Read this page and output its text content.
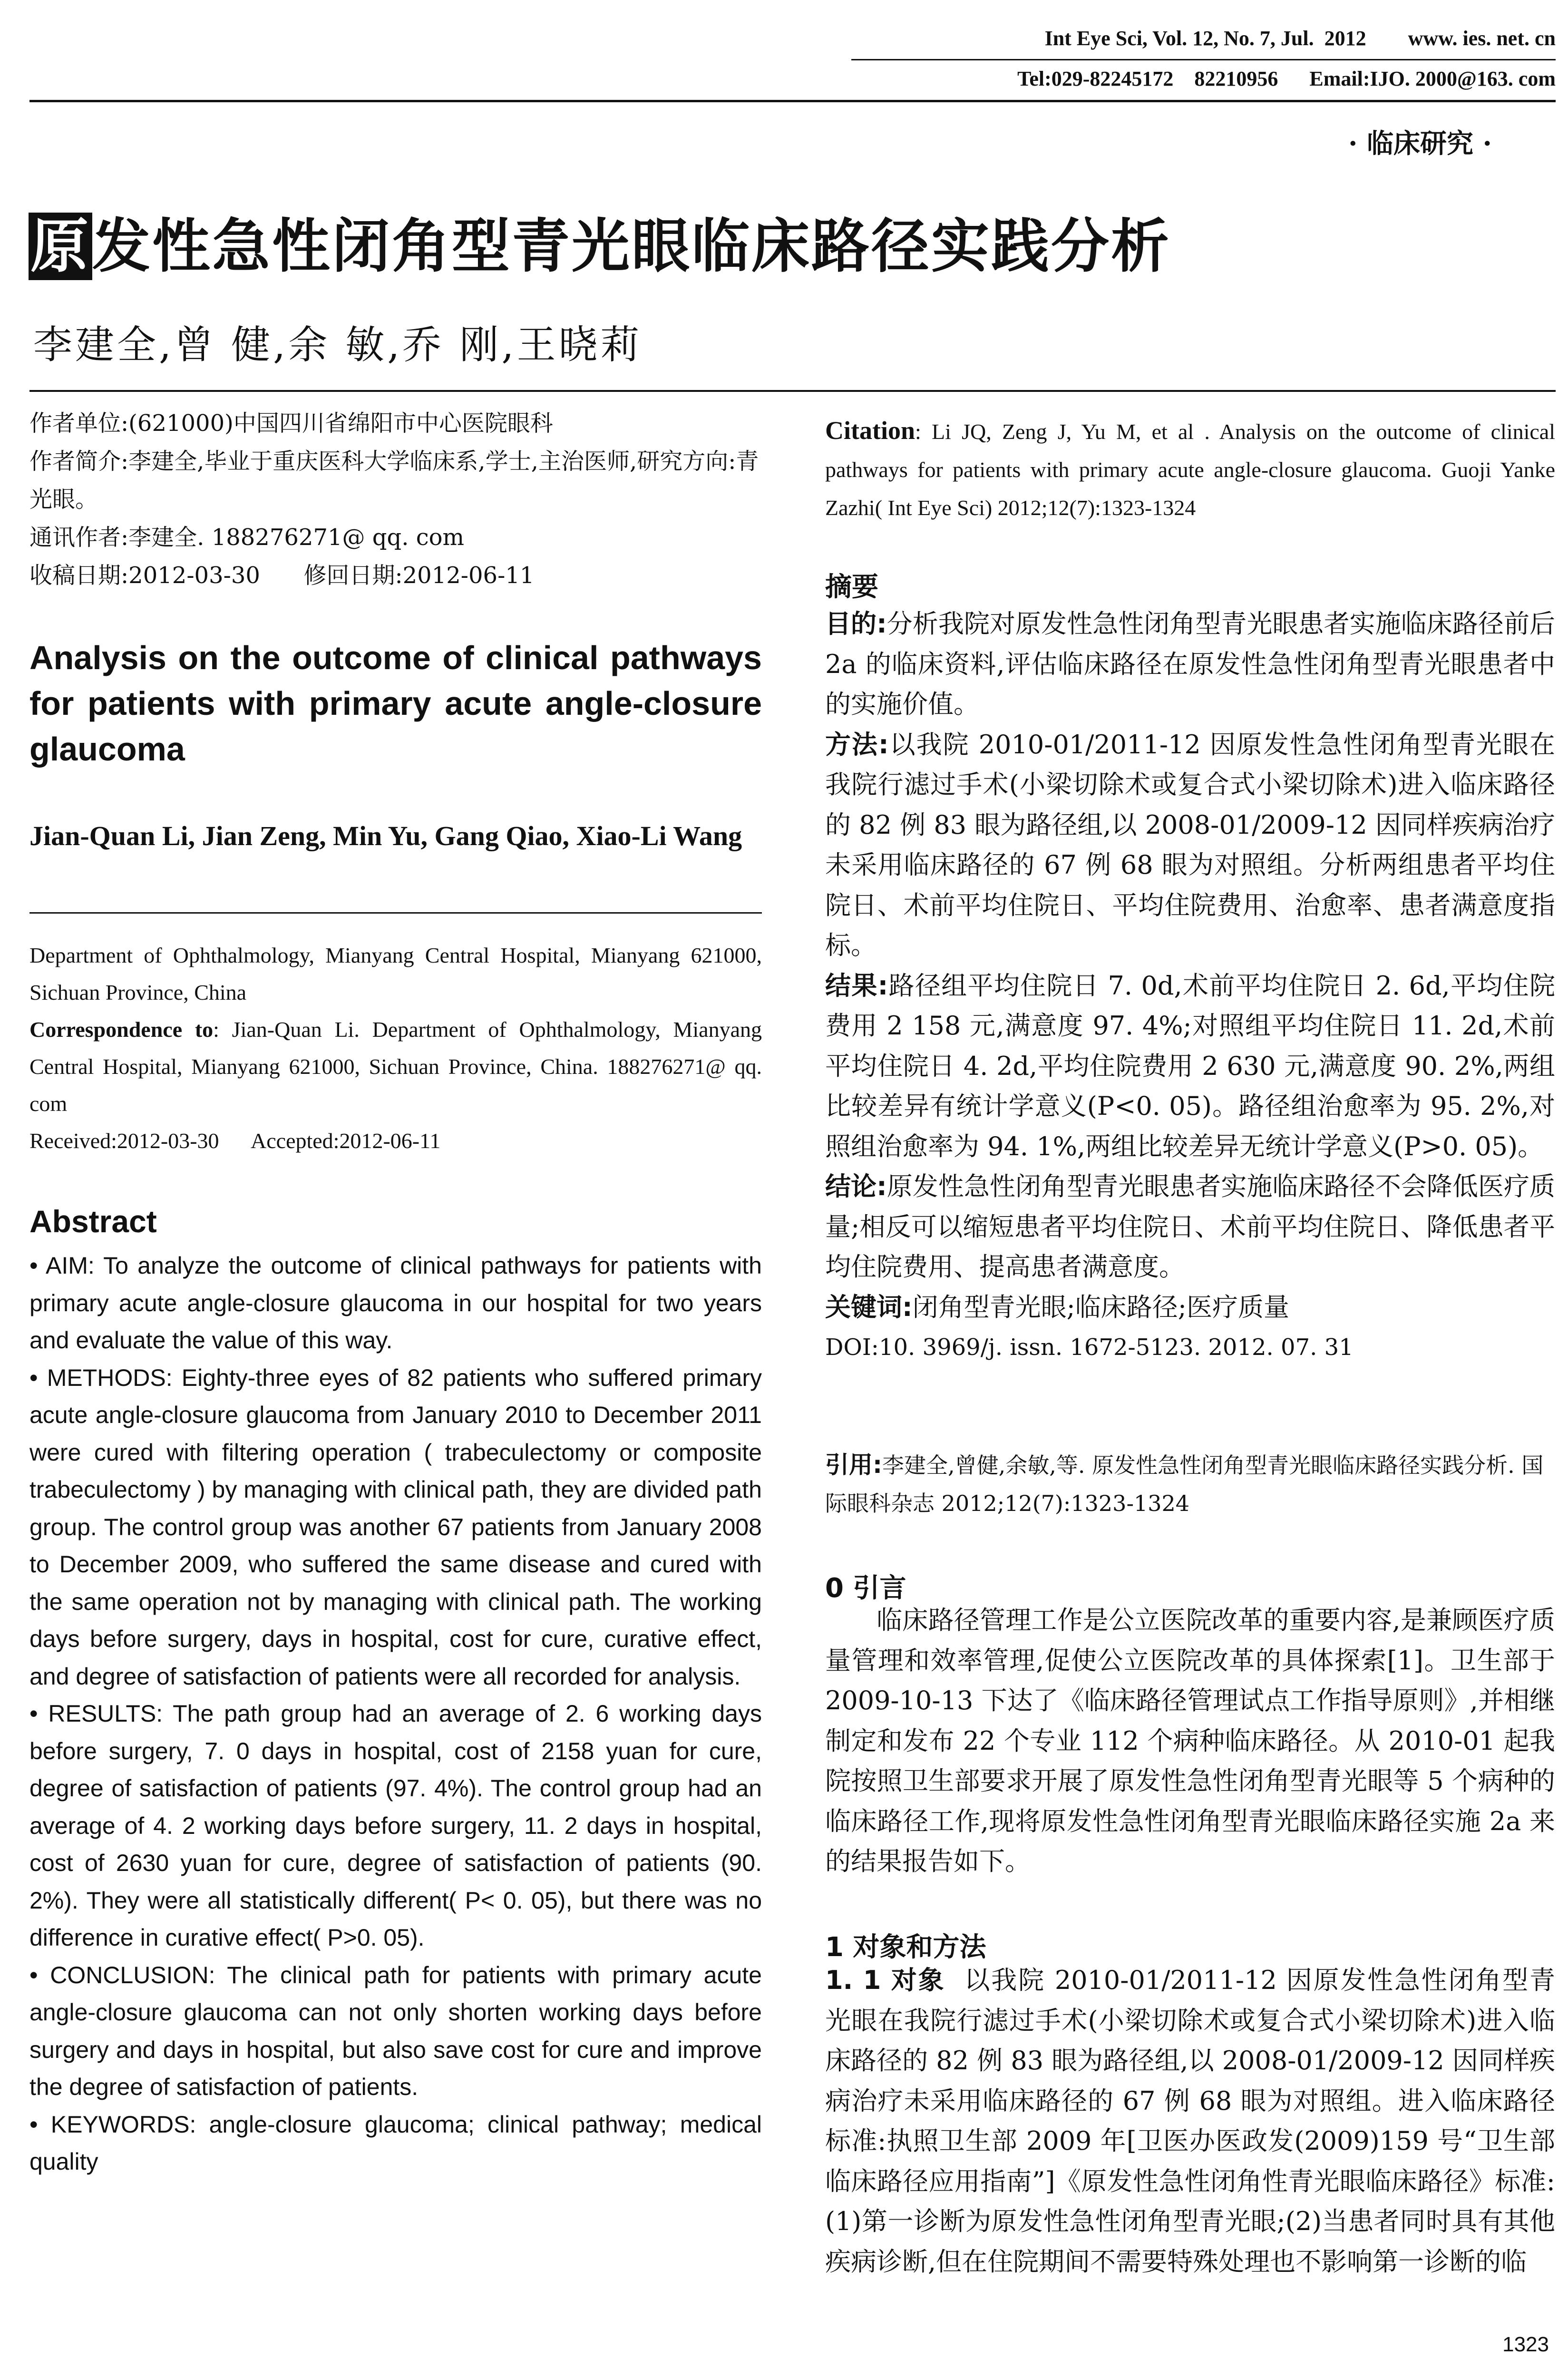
Int Eye Sci, Vol. 12, No. 7, Jul.  2012        www. ies. net. cn
Tel:029-82245172    82210956      Email:IJO. 2000@163. com
· 临床研究 ·
原发性急性闭角型青光眼临床路径实践分析
李建全,曾 健,余 敏,乔 刚,王晓莉

作者单位:(621000)中国四川省绵阳市中心医院眼科

作者简介:李建全,毕业于重庆医科大学临床系,学士,主治医师,研究方向:青光眼。

通讯作者:李建全. 188276271@ qq. com

收稿日期:2012-03-30      修回日期:2012-06-11

Analysis on the outcome of clinical pathways for patients with primary acute angle-closure glaucoma
Jian-Quan Li, Jian Zeng, Min Yu, Gang Qiao, Xiao-Li Wang

Department of Ophthalmology, Mianyang Central Hospital, Mianyang 621000, Sichuan Province, China

Correspondence to: Jian-Quan Li. Department of Ophthalmology, Mianyang Central Hospital, Mianyang 621000, Sichuan Province, China. 188276271@ qq. com

Received:2012-03-30      Accepted:2012-06-11

Abstract

• AIM: To analyze the outcome of clinical pathways for patients with primary acute angle-closure glaucoma in our hospital for two years and evaluate the value of this way.

• METHODS: Eighty-three eyes of 82 patients who suffered primary acute angle-closure glaucoma from January 2010 to December 2011 were cured with filtering operation ( trabeculectomy or composite trabeculectomy ) by managing with clinical path, they are divided path group. The control group was another 67 patients from January 2008 to December 2009, who suffered the same disease and cured with the same operation not by managing with clinical path. The working days before surgery, days in hospital, cost for cure, curative effect, and degree of satisfaction of patients were all recorded for analysis.

• RESULTS: The path group had an average of 2. 6 working days before surgery, 7. 0 days in hospital, cost of 2158 yuan for cure, degree of satisfaction of patients (97. 4%). The control group had an average of 4. 2 working days before surgery, 11. 2 days in hospital, cost of 2630 yuan for cure, degree of satisfaction of patients (90. 2%). They were all statistically different( P< 0. 05), but there was no difference in curative effect( P>0. 05).

• CONCLUSION: The clinical path for patients with primary acute angle-closure glaucoma can not only shorten working days before surgery and days in hospital, but also save cost for cure and improve the degree of satisfaction of patients.

• KEYWORDS: angle-closure glaucoma; clinical pathway; medical quality

Citation: Li JQ, Zeng J, Yu M, et al . Analysis on the outcome of clinical pathways for patients with primary acute angle-closure glaucoma. Guoji Yanke Zazhi( Int Eye Sci) 2012;12(7):1323-1324
摘要

目的:分析我院对原发性急性闭角型青光眼患者实施临床路径前后 2a 的临床资料,评估临床路径在原发性急性闭角型青光眼患者中的实施价值。

方法:以我院 2010-01/2011-12 因原发性急性闭角型青光眼在我院行滤过手术(小梁切除术或复合式小梁切除术)进入临床路径的 82 例 83 眼为路径组,以 2008-01/2009-12 因同样疾病治疗未采用临床路径的 67 例 68 眼为对照组。分析两组患者平均住院日、术前平均住院日、平均住院费用、治愈率、患者满意度指标。

结果:路径组平均住院日 7. 0d,术前平均住院日 2. 6d,平均住院费用 2 158 元,满意度 97. 4%;对照组平均住院日 11. 2d,术前平均住院日 4. 2d,平均住院费用 2 630 元,满意度 90. 2%,两组比较差异有统计学意义(P<0. 05)。路径组治愈率为 95. 2%,对照组治愈率为 94. 1%,两组比较差异无统计学意义(P>0. 05)。

结论:原发性急性闭角型青光眼患者实施临床路径不会降低医疗质量;相反可以缩短患者平均住院日、术前平均住院日、降低患者平均住院费用、提高患者满意度。

关键词:闭角型青光眼;临床路径;医疗质量

DOI:10. 3969/j. issn. 1672-5123. 2012. 07. 31

引用:李建全,曾健,余敏,等. 原发性急性闭角型青光眼临床路径实践分析. 国际眼科杂志 2012;12(7):1323-1324
0 引言

临床路径管理工作是公立医院改革的重要内容,是兼顾医疗质量管理和效率管理,促使公立医院改革的具体探索[1]。卫生部于 2009-10-13 下达了《临床路径管理试点工作指导原则》,并相继制定和发布 22 个专业 112 个病种临床路径。从 2010-01 起我院按照卫生部要求开展了原发性急性闭角型青光眼等 5 个病种的临床路径工作,现将原发性急性闭角型青光眼临床路径实施 2a 来的结果报告如下。

1 对象和方法

1. 1 对象 以我院 2010-01/2011-12 因原发性急性闭角型青光眼在我院行滤过手术(小梁切除术或复合式小梁切除术)进入临床路径的 82 例 83 眼为路径组,以 2008-01/2009-12 因同样疾病治疗未采用临床路径的 67 例 68 眼为对照组。进入临床路径标准:执照卫生部 2009 年[卫医办医政发(2009)159 号“卫生部临床路径应用指南”]《原发性急性闭角性青光眼临床路径》标准:(1)第一诊断为原发性急性闭角型青光眼;(2)当患者同时具有其他疾病诊断,但在住院期间不需要特殊处理也不影响第一诊断的临

1323
